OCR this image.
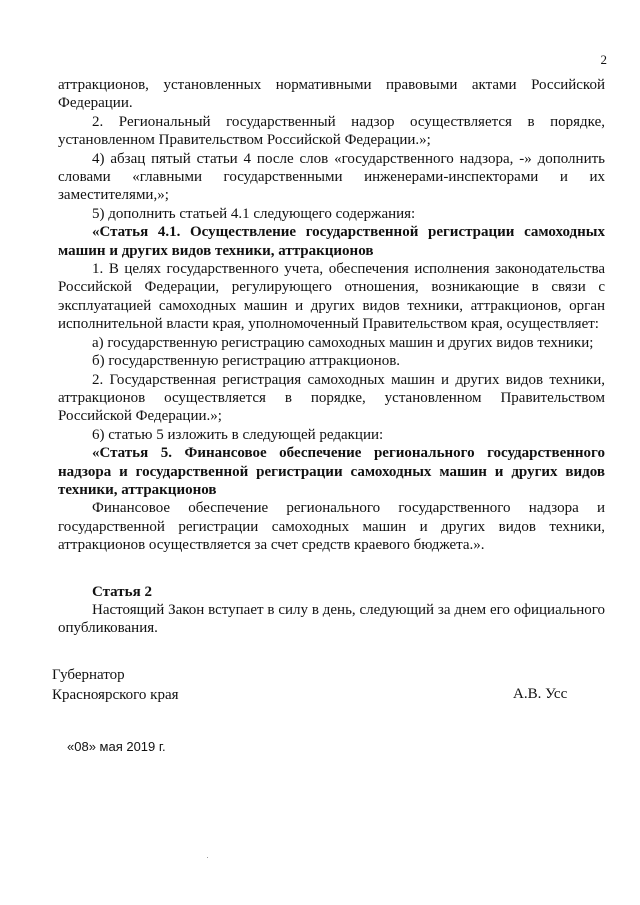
2

аттракционов, установленных нормативными правовыми актами Российской

Федерации.

2. Региональный государственный надзор осуществляется в порядке, установленном Правительством Российской Федерации.»;

4) абзац пятый статьи 4 после слов «государственного надзора, -» дополнить словами «главными государственными инженерами-инспекторами и их заместителями,»;

5) дополнить статьей 4.1 следующего содержания:

«Статья 4.1. Осуществление государственной регистрации самоходных машин и других видов техники, аттракционов

1. В целях государственного учета, обеспечения исполнения законодательства Российской Федерации, регулирующего отношения, возникающие в связи с эксплуатацией самоходных машин и других видов техники, аттракционов, орган исполнительной власти края, уполномоченный Правительством края, осуществляет:

а) государственную регистрацию самоходных машин и других видов техники;

б) государственную регистрацию аттракционов.

2. Государственная регистрация самоходных машин и других видов техники, аттракционов осуществляется в порядке, установленном Правительством Российской Федерации.»;

6) статью 5 изложить в следующей редакции:

«Статья 5. Финансовое обеспечение регионального государственного надзора и государственной регистрации самоходных машин и других видов техники, аттракционов

Финансовое обеспечение регионального государственного надзора и государственной регистрации самоходных машин и других видов техники, аттракционов осуществляется за счет средств краевого бюджета.».

Статья 2

Настоящий Закон вступает в силу в день, следующий за днем его официального опубликования.

Губернатор
Красноярского края	А.В. Усс
«08» мая 2019 г.
